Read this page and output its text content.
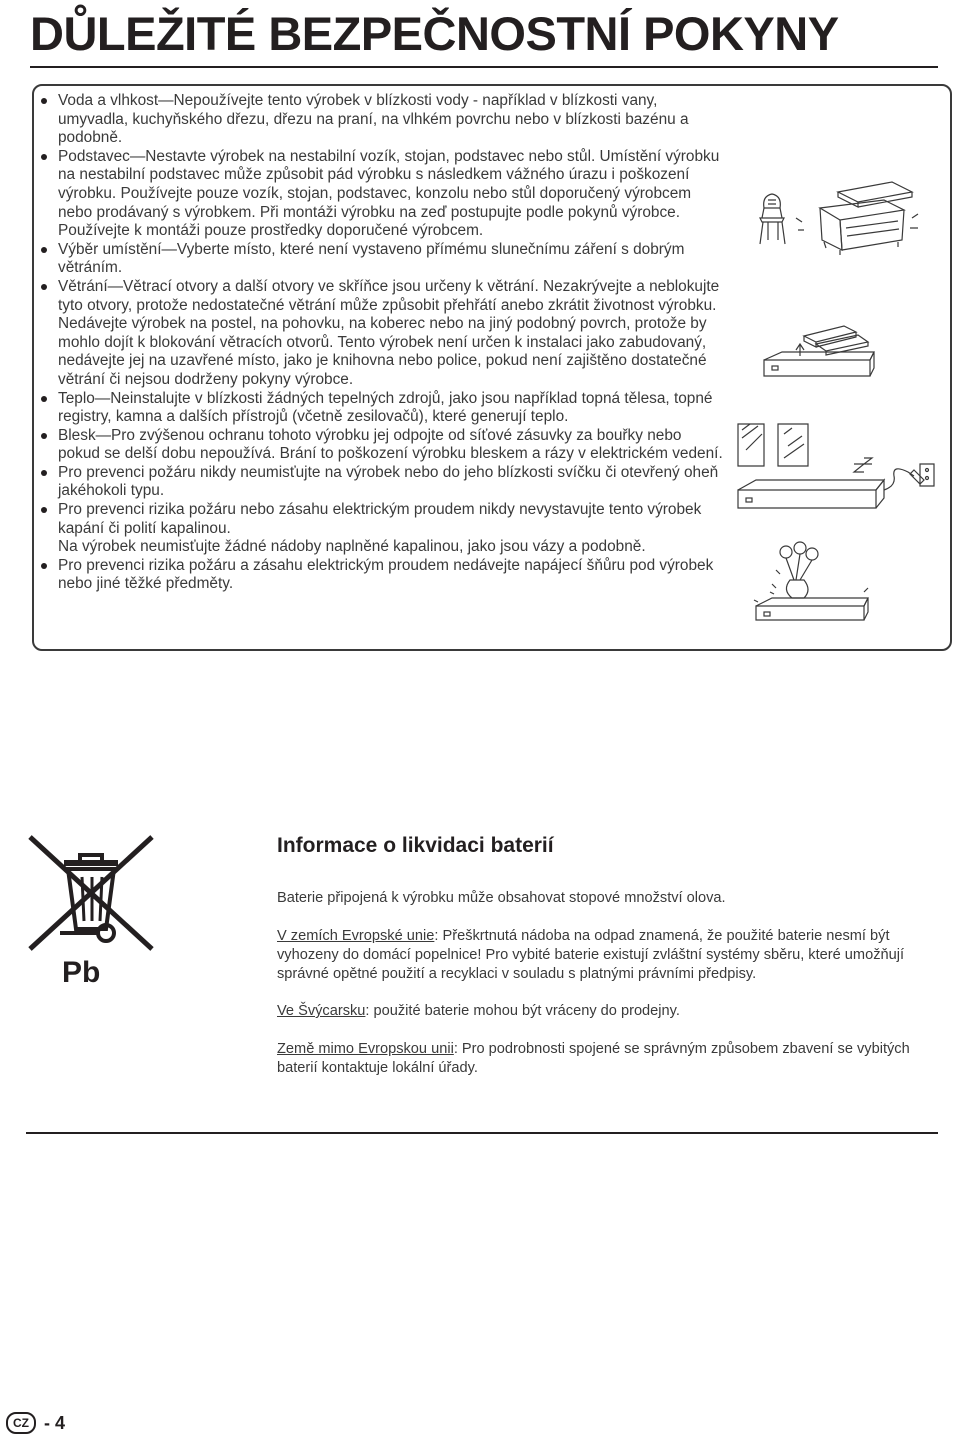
DŮLEŽITÉ BEZPEČNOSTNÍ POKYNY
Voda a vlhkost—Nepoužívejte tento výrobek v blízkosti vody - například v blízkosti vany, umyvadla, kuchyňského dřezu, dřezu na praní, na vlhkém povrchu nebo v blízkosti bazénu a podobně.
Podstavec—Nestavte výrobek na nestabilní vozík, stojan, podstavec nebo stůl. Umístění výrobku na nestabilní podstavec může způsobit pád výrobku s následkem vážného úrazu i poškození výrobku. Používejte pouze vozík, stojan, podstavec, konzolu nebo stůl doporučený výrobcem nebo prodávaný s výrobkem. Při montáži výrobku na zeď postupujte podle pokynů výrobce. Používejte k montáži pouze prostředky doporučené výrobcem.
Výběr umístění—Vyberte místo, které není vystaveno přímému slunečnímu záření s dobrým větráním.
Větrání—Větrací otvory a další otvory ve skříňce jsou určeny k větrání. Nezakrývejte a neblokujte tyto otvory, protože nedostatečné větrání může způsobit přehřátí anebo zkrátit životnost výrobku. Nedávejte výrobek na postel, na pohovku, na koberec nebo na jiný podobný povrch, protože by mohlo dojít k blokování větracích otvorů. Tento výrobek není určen k instalaci jako zabudovaný, nedávejte jej na uzavřené místo, jako je knihovna nebo police, pokud není zajištěno dostatečné větrání či nejsou dodrženy pokyny výrobce.
Teplo—Neinstalujte v blízkosti žádných tepelných zdrojů, jako jsou například topná tělesa, topné registry, kamna a dalších přístrojů (včetně zesilovačů), které generují teplo.
Blesk—Pro zvýšenou ochranu tohoto výrobku jej odpojte od síťové zásuvky za bouřky nebo pokud se delší dobu nepoužívá. Brání to poškození výrobku bleskem a rázy v elektrickém vedení.
Pro prevenci požáru nikdy neumisťujte na výrobek nebo do jeho blízkosti svíčku či otevřený oheň jakéhokoli typu.
Pro prevenci rizika požáru nebo zásahu elektrickým proudem nikdy nevystavujte tento výrobek kapání či polití kapalinou.
Na výrobek neumisťujte žádné nádoby naplněné kapalinou, jako jsou vázy a podobně.
Pro prevenci rizika požáru a zásahu elektrickým proudem nedávejte napájecí šňůru pod výrobek nebo jiné těžké předměty.

Pb

Informace o likvidaci baterií

Baterie připojená k výrobku může obsahovat stopové množství olova.

V zemích Evropské unie: Přeškrtnutá nádoba na odpad znamená, že použité baterie nesmí být vyhozeny do domácí popelnice! Pro vybité baterie existují zvláštní systémy sběru, které umožňují správné opětné použití a recyklaci v souladu s platnými právními předpisy.

Ve Švýcarsku: použité baterie mohou být vráceny do prodejny.

Země mimo Evropskou unii: Pro podrobnosti spojené se správným způsobem zbavení se vybitých baterií kontaktuje lokální úřady.

CZ - 4
